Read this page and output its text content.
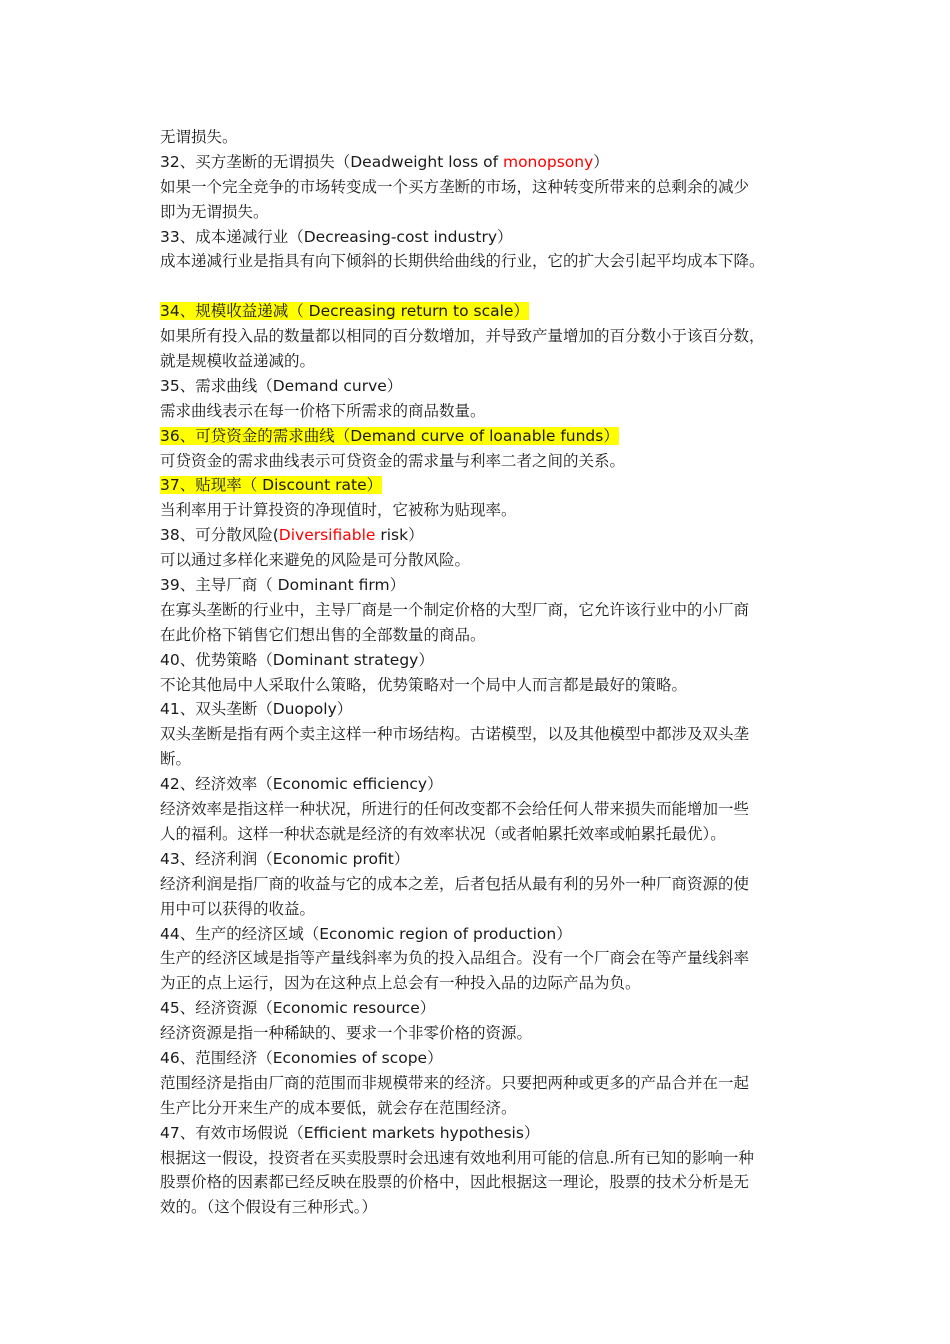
无谓损失。
32、买方垄断的无谓损失（Deadweight loss of monopsony）
如果一个完全竞争的市场转变成一个买方垄断的市场，这种转变所带来的总剩余的减少
即为无谓损失。
33、成本递减行业（Decreasing-cost industry）
成本递减行业是指具有向下倾斜的长期供给曲线的行业，它的扩大会引起平均成本下降。
34、规模收益递减（ Decreasing return to scale）
如果所有投入品的数量都以相同的百分数增加，并导致产量增加的百分数小于该百分数，
就是规模收益递减的。
35、需求曲线（Demand curve）
需求曲线表示在每一价格下所需求的商品数量。
36、可贷资金的需求曲线（Demand curve of loanable funds）
可贷资金的需求曲线表示可贷资金的需求量与利率二者之间的关系。
37、贴现率（ Discount rate）
当利率用于计算投资的净现值时，它被称为贴现率。
38、可分散风险(Diversifiable risk）
可以通过多样化来避免的风险是可分散风险。
39、主导厂商（ Dominant firm）
在寡头垄断的行业中，主导厂商是一个制定价格的大型厂商，它允许该行业中的小厂商
在此价格下销售它们想出售的全部数量的商品。
40、优势策略（Dominant strategy）
不论其他局中人采取什么策略，优势策略对一个局中人而言都是最好的策略。
41、双头垄断（Duopoly）
双头垄断是指有两个卖主这样一种市场结构。古诺模型，以及其他模型中都涉及双头垄
断。
42、经济效率（Economic efficiency）
经济效率是指这样一种状况，所进行的任何改变都不会给任何人带来损失而能增加一些
人的福利。这样一种状态就是经济的有效率状况（或者帕累托效率或帕累托最优）。
43、经济利润（Economic profit）
经济利润是指厂商的收益与它的成本之差，后者包括从最有利的另外一种厂商资源的使
用中可以获得的收益。
44、生产的经济区域（Economic region of production）
生产的经济区域是指等产量线斜率为负的投入品组合。没有一个厂商会在等产量线斜率
为正的点上运行，因为在这种点上总会有一种投入品的边际产品为负。
45、经济资源（Economic resource）
经济资源是指一种稀缺的、要求一个非零价格的资源。
46、范围经济（Economies of scope）
范围经济是指由厂商的范围而非规模带来的经济。只要把两种或更多的产品合并在一起
生产比分开来生产的成本要低，就会存在范围经济。
47、有效市场假说（Efficient markets hypothesis）
根据这一假设，投资者在买卖股票时会迅速有效地利用可能的信息.所有已知的影响一种
股票价格的因素都已经反映在股票的价格中，因此根据这一理论，股票的技术分析是无
效的。（这个假设有三种形式。）
